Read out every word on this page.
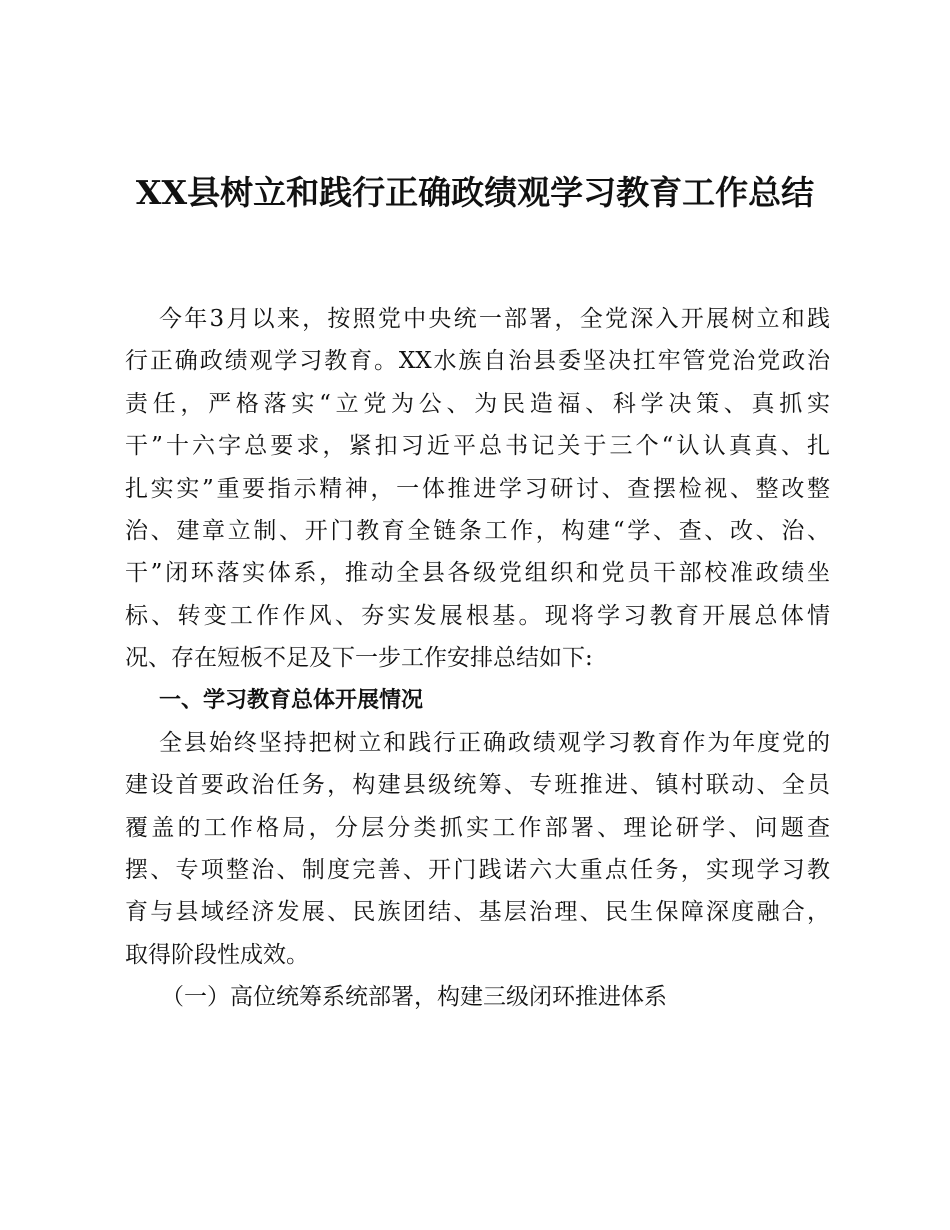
XX县树立和践行正确政绩观学习教育工作总结
今年3月以来，按照党中央统一部署，全党深入开展树立和践
行正确政绩观学习教育。XX水族自治县委坚决扛牢管党治党政治
责任，严格落实“立党为公、为民造福、科学决策、真抓实
干”十六字总要求，紧扣习近平总书记关于三个“认认真真、扎
扎实实”重要指示精神，一体推进学习研讨、查摆检视、整改整
治、建章立制、开门教育全链条工作，构建“学、查、改、治、
干”闭环落实体系，推动全县各级党组织和党员干部校准政绩坐
标、转变工作作风、夯实发展根基。现将学习教育开展总体情
况、存在短板不足及下一步工作安排总结如下:
一、学习教育总体开展情况
全县始终坚持把树立和践行正确政绩观学习教育作为年度党的
建设首要政治任务，构建县级统筹、专班推进、镇村联动、全员
覆盖的工作格局，分层分类抓实工作部署、理论研学、问题查
摆、专项整治、制度完善、开门践诺六大重点任务，实现学习教
育与县域经济发展、民族团结、基层治理、民生保障深度融合，
取得阶段性成效。
（一）高位统筹系统部署，构建三级闭环推进体系
